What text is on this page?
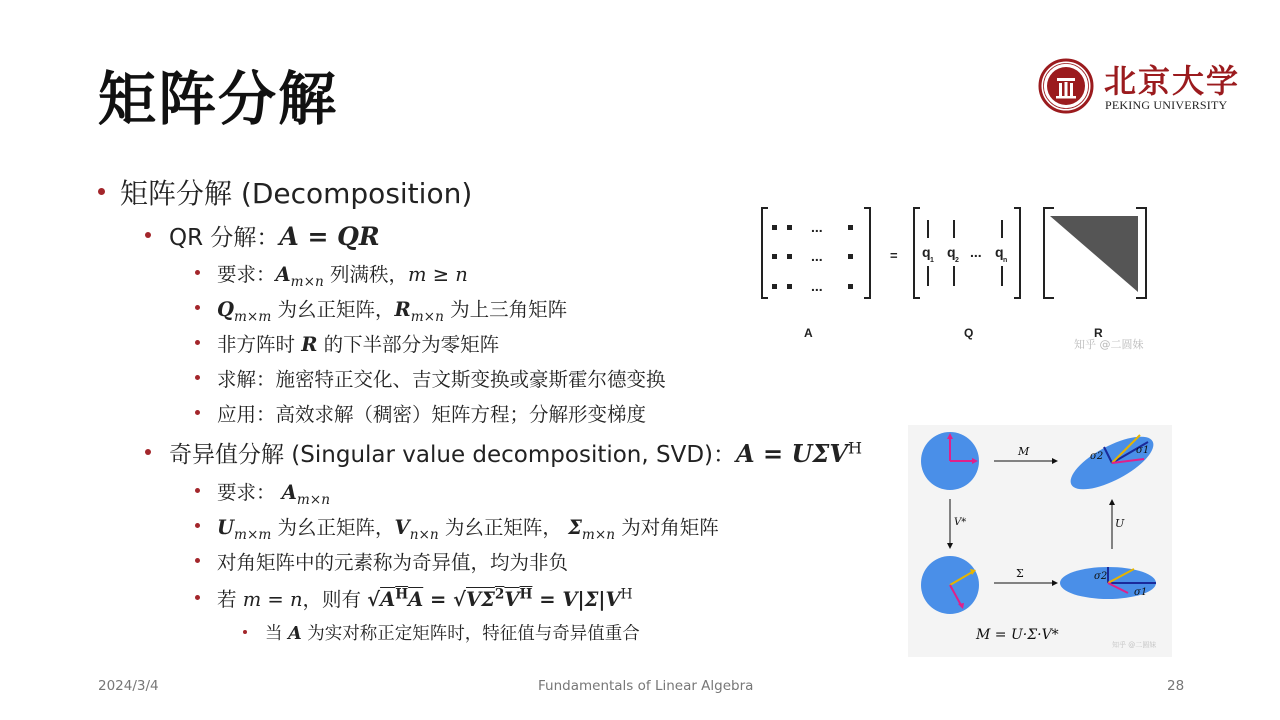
矩阵分解	北京大学
PEKING UNIVERSITY
矩阵分解 (Decomposition)
QR 分解：A = QR
要求：$A_{m\times n}$ 列满秩，m ≥ n
$Q_{m\times m}$ 为幺正矩阵，$R_{m\times n}$ 为上三角矩阵
非方阵时 R 的下半部分为零矩阵
求解：施密特正交化、吉文斯变换或豪斯霍尔德变换
应用：高效求解（稠密）矩阵方程；分解形变梯度
奇异值分解 (Singular value decomposition, SVD)：$A = U\Sigma V^H$
要求： $A_{m\times n}$
$U_{m\times m}$ 为幺正矩阵，$V_{n\times n}$ 为幺正矩阵， $\Sigma_{m\times n}$ 为对角矩阵
对角矩阵中的元素称为奇异值，均为非负
若 m = n，则有 $√A^HA = √V\Sigma^2V^H = V|\Sigma|V^H$
当 A 为实对称正定矩阵时，特征值与奇异值重合
...
...
...
= q
1
q
2
... q
n
A	Q	R
知乎 @二圆妹
σ2
σ1
σ2
σ1
M
Σ
V*	U
M = U·Σ·V*
知乎 @二圆妹
2024/3/4	Fundamentals of Linear Algebra	28
